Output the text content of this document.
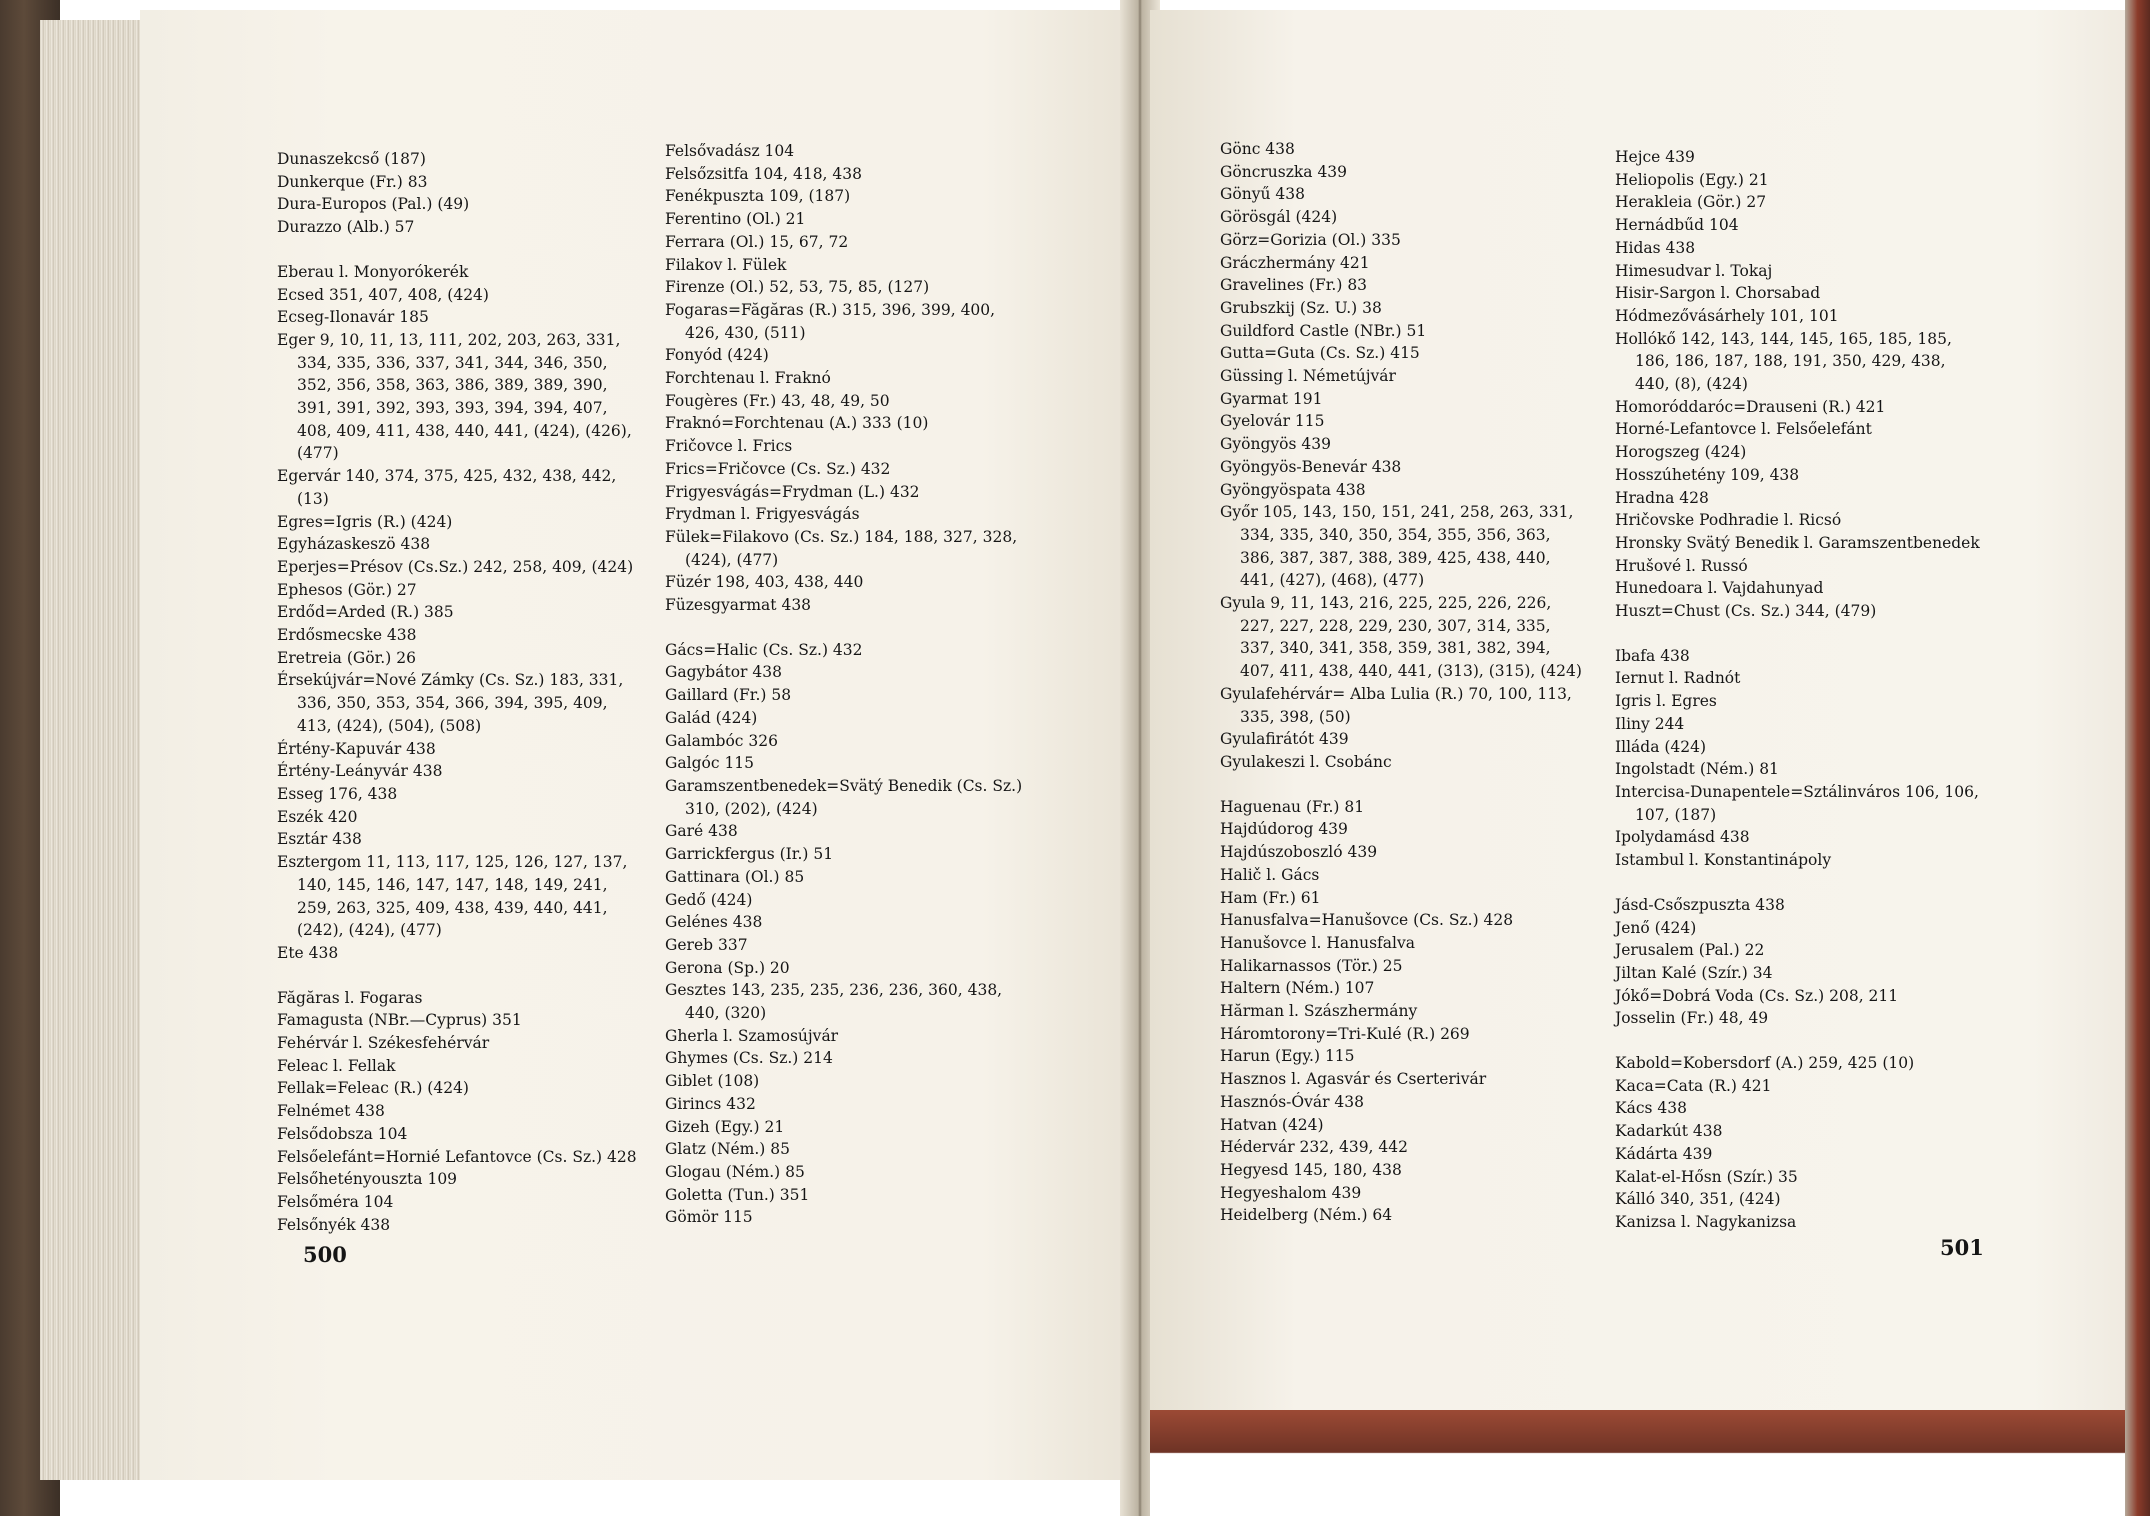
Dunaszekcső (187)
Dunkerque (Fr.) 83
Dura-Europos (Pal.) (49)
Durazzo (Alb.) 57
Eberau l. Monyorókerék
Ecsed 351, 407, 408, (424)
Ecseg-Ilonavár 185
Eger 9, 10, 11, 13, 111, 202, 203, 263, 331,
334, 335, 336, 337, 341, 344, 346, 350,
352, 356, 358, 363, 386, 389, 389, 390,
391, 391, 392, 393, 393, 394, 394, 407,
408, 409, 411, 438, 440, 441, (424), (426),
(477)
Egervár 140, 374, 375, 425, 432, 438, 442,
(13)
Egres=Igris (R.) (424)
Egyházaskeszö 438
Eperjes=Présov (Cs.Sz.) 242, 258, 409, (424)
Ephesos (Gör.) 27
Erdőd=Arded (R.) 385
Erdősmecske 438
Eretreia (Gör.) 26
Érsekújvár=Nové Zámky (Cs. Sz.) 183, 331,
336, 350, 353, 354, 366, 394, 395, 409,
413, (424), (504), (508)
Értény-Kapuvár 438
Értény-Leányvár 438
Esseg 176, 438
Eszék 420
Esztár 438
Esztergom 11, 113, 117, 125, 126, 127, 137,
140, 145, 146, 147, 147, 148, 149, 241,
259, 263, 325, 409, 438, 439, 440, 441,
(242), (424), (477)
Ete 438
Făgăras l. Fogaras
Famagusta (NBr.—Cyprus) 351
Fehérvár l. Székesfehérvár
Feleac l. Fellak
Fellak=Feleac (R.) (424)
Felnémet 438
Felsődobsza 104
Felsőelefánt=Hornié Lefantovce (Cs. Sz.) 428
Felsőhetényouszta 109
Felsőméra 104
Felsőnyék 438
Felsővadász 104
Felsőzsitfa 104, 418, 438
Fenékpuszta 109, (187)
Ferentino (Ol.) 21
Ferrara (Ol.) 15, 67, 72
Filakov l. Fülek
Firenze (Ol.) 52, 53, 75, 85, (127)
Fogaras=Făgăras (R.) 315, 396, 399, 400,
426, 430, (511)
Fonyód (424)
Forchtenau l. Fraknó
Fougères (Fr.) 43, 48, 49, 50
Fraknó=Forchtenau (A.) 333 (10)
Fričovce l. Frics
Frics=Fričovce (Cs. Sz.) 432
Frigyesvágás=Frydman (L.) 432
Frydman l. Frigyesvágás
Fülek=Filakovo (Cs. Sz.) 184, 188, 327, 328,
(424), (477)
Füzér 198, 403, 438, 440
Füzesgyarmat 438
Gács=Halic (Cs. Sz.) 432
Gagybátor 438
Gaillard (Fr.) 58
Galád (424)
Galambóc 326
Galgóc 115
Garamszentbenedek=Svätý Benedik (Cs. Sz.)
310, (202), (424)
Garé 438
Garrickfergus (Ir.) 51
Gattinara (Ol.) 85
Gedő (424)
Gelénes 438
Gereb 337
Gerona (Sp.) 20
Gesztes 143, 235, 235, 236, 236, 360, 438,
440, (320)
Gherla l. Szamosújvár
Ghymes (Cs. Sz.) 214
Giblet (108)
Girincs 432
Gizeh (Egy.) 21
Glatz (Ném.) 85
Glogau (Ném.) 85
Goletta (Tun.) 351
Gömör 115
500
Gönc 438
Göncruszka 439
Gönyű 438
Görösgál (424)
Görz=Gorizia (Ol.) 335
Gráczhermány 421
Gravelines (Fr.) 83
Grubszkij (Sz. U.) 38
Guildford Castle (NBr.) 51
Gutta=Guta (Cs. Sz.) 415
Güssing l. Németújvár
Gyarmat 191
Gyelovár 115
Gyöngyös 439
Gyöngyös-Benevár 438
Gyöngyöspata 438
Győr 105, 143, 150, 151, 241, 258, 263, 331,
334, 335, 340, 350, 354, 355, 356, 363,
386, 387, 387, 388, 389, 425, 438, 440,
441, (427), (468), (477)
Gyula 9, 11, 143, 216, 225, 225, 226, 226,
227, 227, 228, 229, 230, 307, 314, 335,
337, 340, 341, 358, 359, 381, 382, 394,
407, 411, 438, 440, 441, (313), (315), (424)
Gyulafehérvár= Alba Lulia (R.) 70, 100, 113,
335, 398, (50)
Gyulafirátót 439
Gyulakeszi l. Csobánc
Haguenau (Fr.) 81
Hajdúdorog 439
Hajdúszoboszló 439
Halič l. Gács
Ham (Fr.) 61
Hanusfalva=Hanušovce (Cs. Sz.) 428
Hanušovce l. Hanusfalva
Halikarnassos (Tör.) 25
Haltern (Ném.) 107
Hărman l. Szászhermány
Háromtorony=Tri-Kulé (R.) 269
Harun (Egy.) 115
Hasznos l. Agasvár és Cserterivár
Hasznós-Óvár 438
Hatvan (424)
Hédervár 232, 439, 442
Hegyesd 145, 180, 438
Hegyeshalom 439
Heidelberg (Ném.) 64
Hejce 439
Heliopolis (Egy.) 21
Herakleia (Gör.) 27
Hernádbűd 104
Hidas 438
Himesudvar l. Tokaj
Hisir-Sargon l. Chorsabad
Hódmezővásárhely 101, 101
Hollókő 142, 143, 144, 145, 165, 185, 185,
186, 186, 187, 188, 191, 350, 429, 438,
440, (8), (424)
Homoróddaróc=Drauseni (R.) 421
Horné-Lefantovce l. Felsőelefánt
Horogszeg (424)
Hosszúhetény 109, 438
Hradna 428
Hričovske Podhradie l. Ricsó
Hronsky Svätý Benedik l. Garamszentbenedek
Hrušové l. Russó
Hunedoara l. Vajdahunyad
Huszt=Chust (Cs. Sz.) 344, (479)
Ibafa 438
Iernut l. Radnót
Igris l. Egres
Iliny 244
Illáda (424)
Ingolstadt (Ném.) 81
Intercisa-Dunapentele=Sztálinváros 106, 106,
107, (187)
Ipolydamásd 438
Istambul l. Konstantinápoly
Jásd-Csőszpuszta 438
Jenő (424)
Jerusalem (Pal.) 22
Jiltan Kalé (Szír.) 34
Jókő=Dobrá Voda (Cs. Sz.) 208, 211
Josselin (Fr.) 48, 49
Kabold=Kobersdorf (A.) 259, 425 (10)
Kaca=Cata (R.) 421
Kács 438
Kadarkút 438
Kádárta 439
Kalat-el-Hősn (Szír.) 35
Kálló 340, 351, (424)
Kanizsa l. Nagykanizsa
501
